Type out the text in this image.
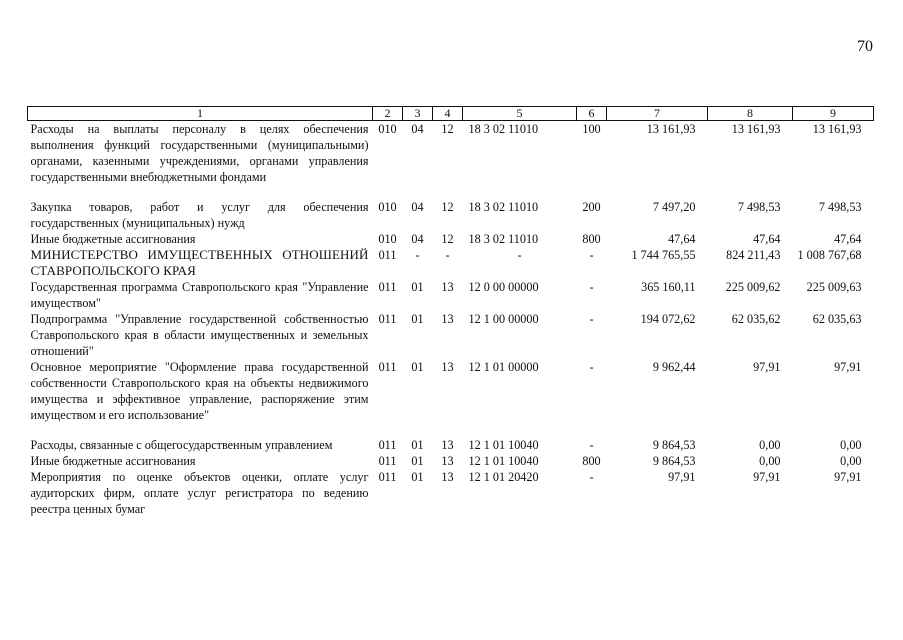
70
1	2	3	4	5	6	7	8	9
Расходы на выплаты персоналу в целях обеспечения выполнения функций государственными (муниципальными) органами, казенными учреждениями, органами управления государственными внебюджетными фондами	010	04	12	18 3 02 11010	100	13 161,93	13 161,93	13 161,93

Закупка товаров, работ и услуг для обеспечения государственных (муниципальных) нужд	010	04	12	18 3 02 11010	200	7 497,20	7 498,53	7 498,53
Иные бюджетные ассигнования	010	04	12	18 3 02 11010	800	47,64	47,64	47,64
МИНИСТЕРСТВО ИМУЩЕСТВЕННЫХ ОТНОШЕНИЙ СТАВРОПОЛЬСКОГО КРАЯ	011	-	-	-	-	1 744 765,55	824 211,43	1 008 767,68
Государственная программа Ставропольского края "Управление имуществом"	011	01	13	12 0 00 00000	-	365 160,11	225 009,62	225 009,63
Подпрограмма "Управление государственной собственностью Ставропольского края в области имущественных и земельных отношений"	011	01	13	12 1 00 00000	-	194 072,62	62 035,62	62 035,63
Основное мероприятие "Оформление права государственной собственности Ставропольского края на объекты недвижимого имущества и эффективное управление, распоряжение этим имуществом и его использование"	011	01	13	12 1 01 00000	-	9 962,44	97,91	97,91

Расходы, связанные с общегосударственным управлением	011	01	13	12 1 01 10040	-	9 864,53	0,00	0,00
Иные бюджетные ассигнования	011	01	13	12 1 01 10040	800	9 864,53	0,00	0,00
Мероприятия по оценке объектов оценки, оплате услуг аудиторских фирм, оплате услуг регистратора по ведению реестра ценных бумаг	011	01	13	12 1 01 20420	-	97,91	97,91	97,91
